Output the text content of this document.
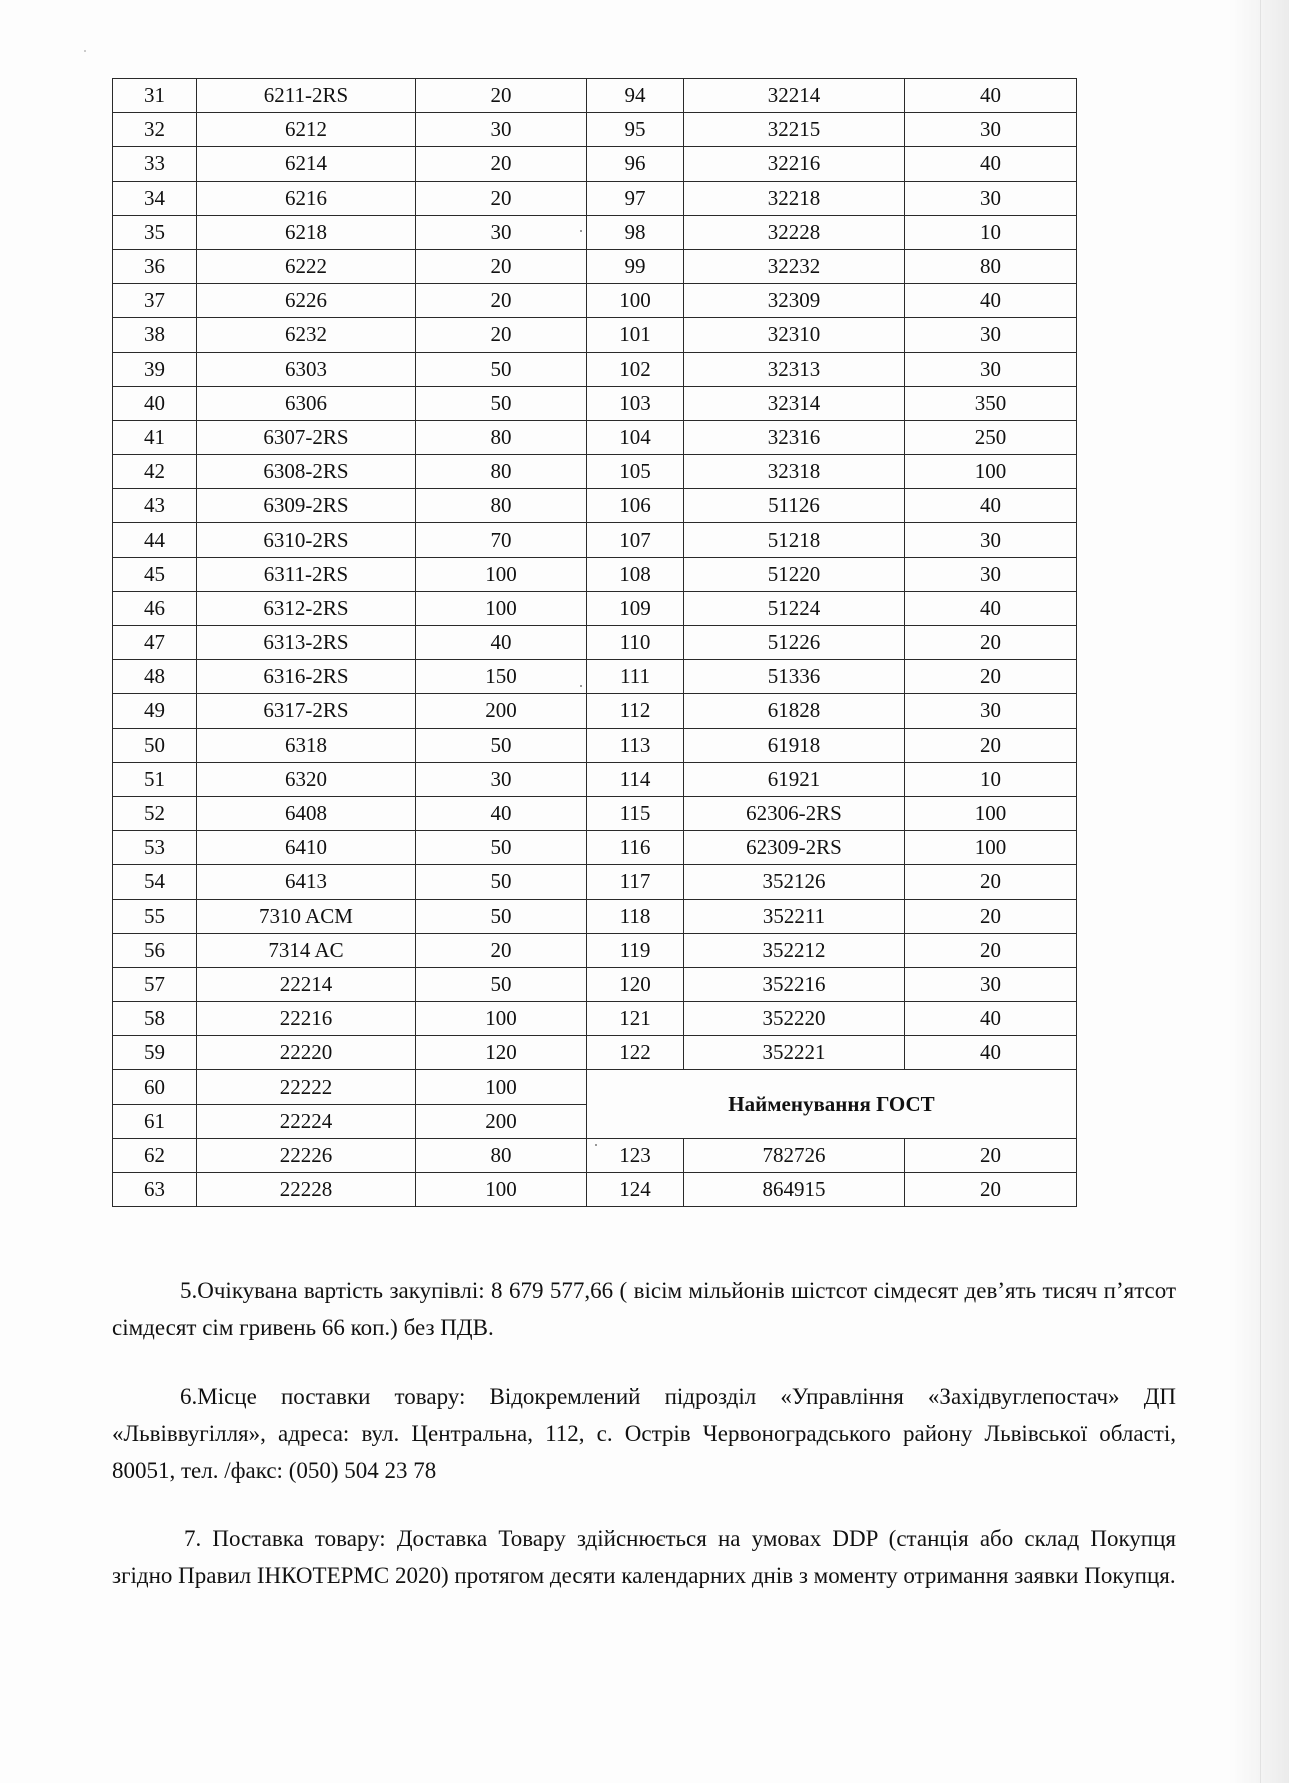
31	6211-2RS	20	94	32214	40
32	6212	30	95	32215	30
33	6214	20	96	32216	40
34	6216	20	97	32218	30
35	6218	30	98	32228	10
36	6222	20	99	32232	80
37	6226	20	100	32309	40
38	6232	20	101	32310	30
39	6303	50	102	32313	30
40	6306	50	103	32314	350
41	6307-2RS	80	104	32316	250
42	6308-2RS	80	105	32318	100
43	6309-2RS	80	106	51126	40
44	6310-2RS	70	107	51218	30
45	6311-2RS	100	108	51220	30
46	6312-2RS	100	109	51224	40
47	6313-2RS	40	110	51226	20
48	6316-2RS	150	111	51336	20
49	6317-2RS	200	112	61828	30
50	6318	50	113	61918	20
51	6320	30	114	61921	10
52	6408	40	115	62306-2RS	100
53	6410	50	116	62309-2RS	100
54	6413	50	117	352126	20
55	7310 ACM	50	118	352211	20
56	7314 AC	20	119	352212	20
57	22214	50	120	352216	30
58	22216	100	121	352220	40
59	22220	120	122	352221	40
60	22222	100	Найменування ГОСТ		
61	22224	200			
62	22226	80	123	782726	20
63	22228	100	124	864915	20
5.Очікувана вартість закупівлі: 8 679 577,66 ( вісім мільйонів шістсот сімдесят дев’ять тисяч п’ятсот сімдесят сім гривень 66 коп.) без ПДВ.
6.Місце поставки товару: Відокремлений підрозділ «Управління «Західвуглепостач» ДП «Львіввугілля», адреса: вул. Центральна, 112, с. Острів Червоноградського району Львівської області, 80051, тел. /факс: (050) 504 23 78
7. Поставка товару: Доставка Товару здійснюється на умовах DDP (станція або склад Покупця згідно Правил ІНКОТЕРМС 2020) протягом десяти календарних днів з моменту отримання заявки Покупця.
